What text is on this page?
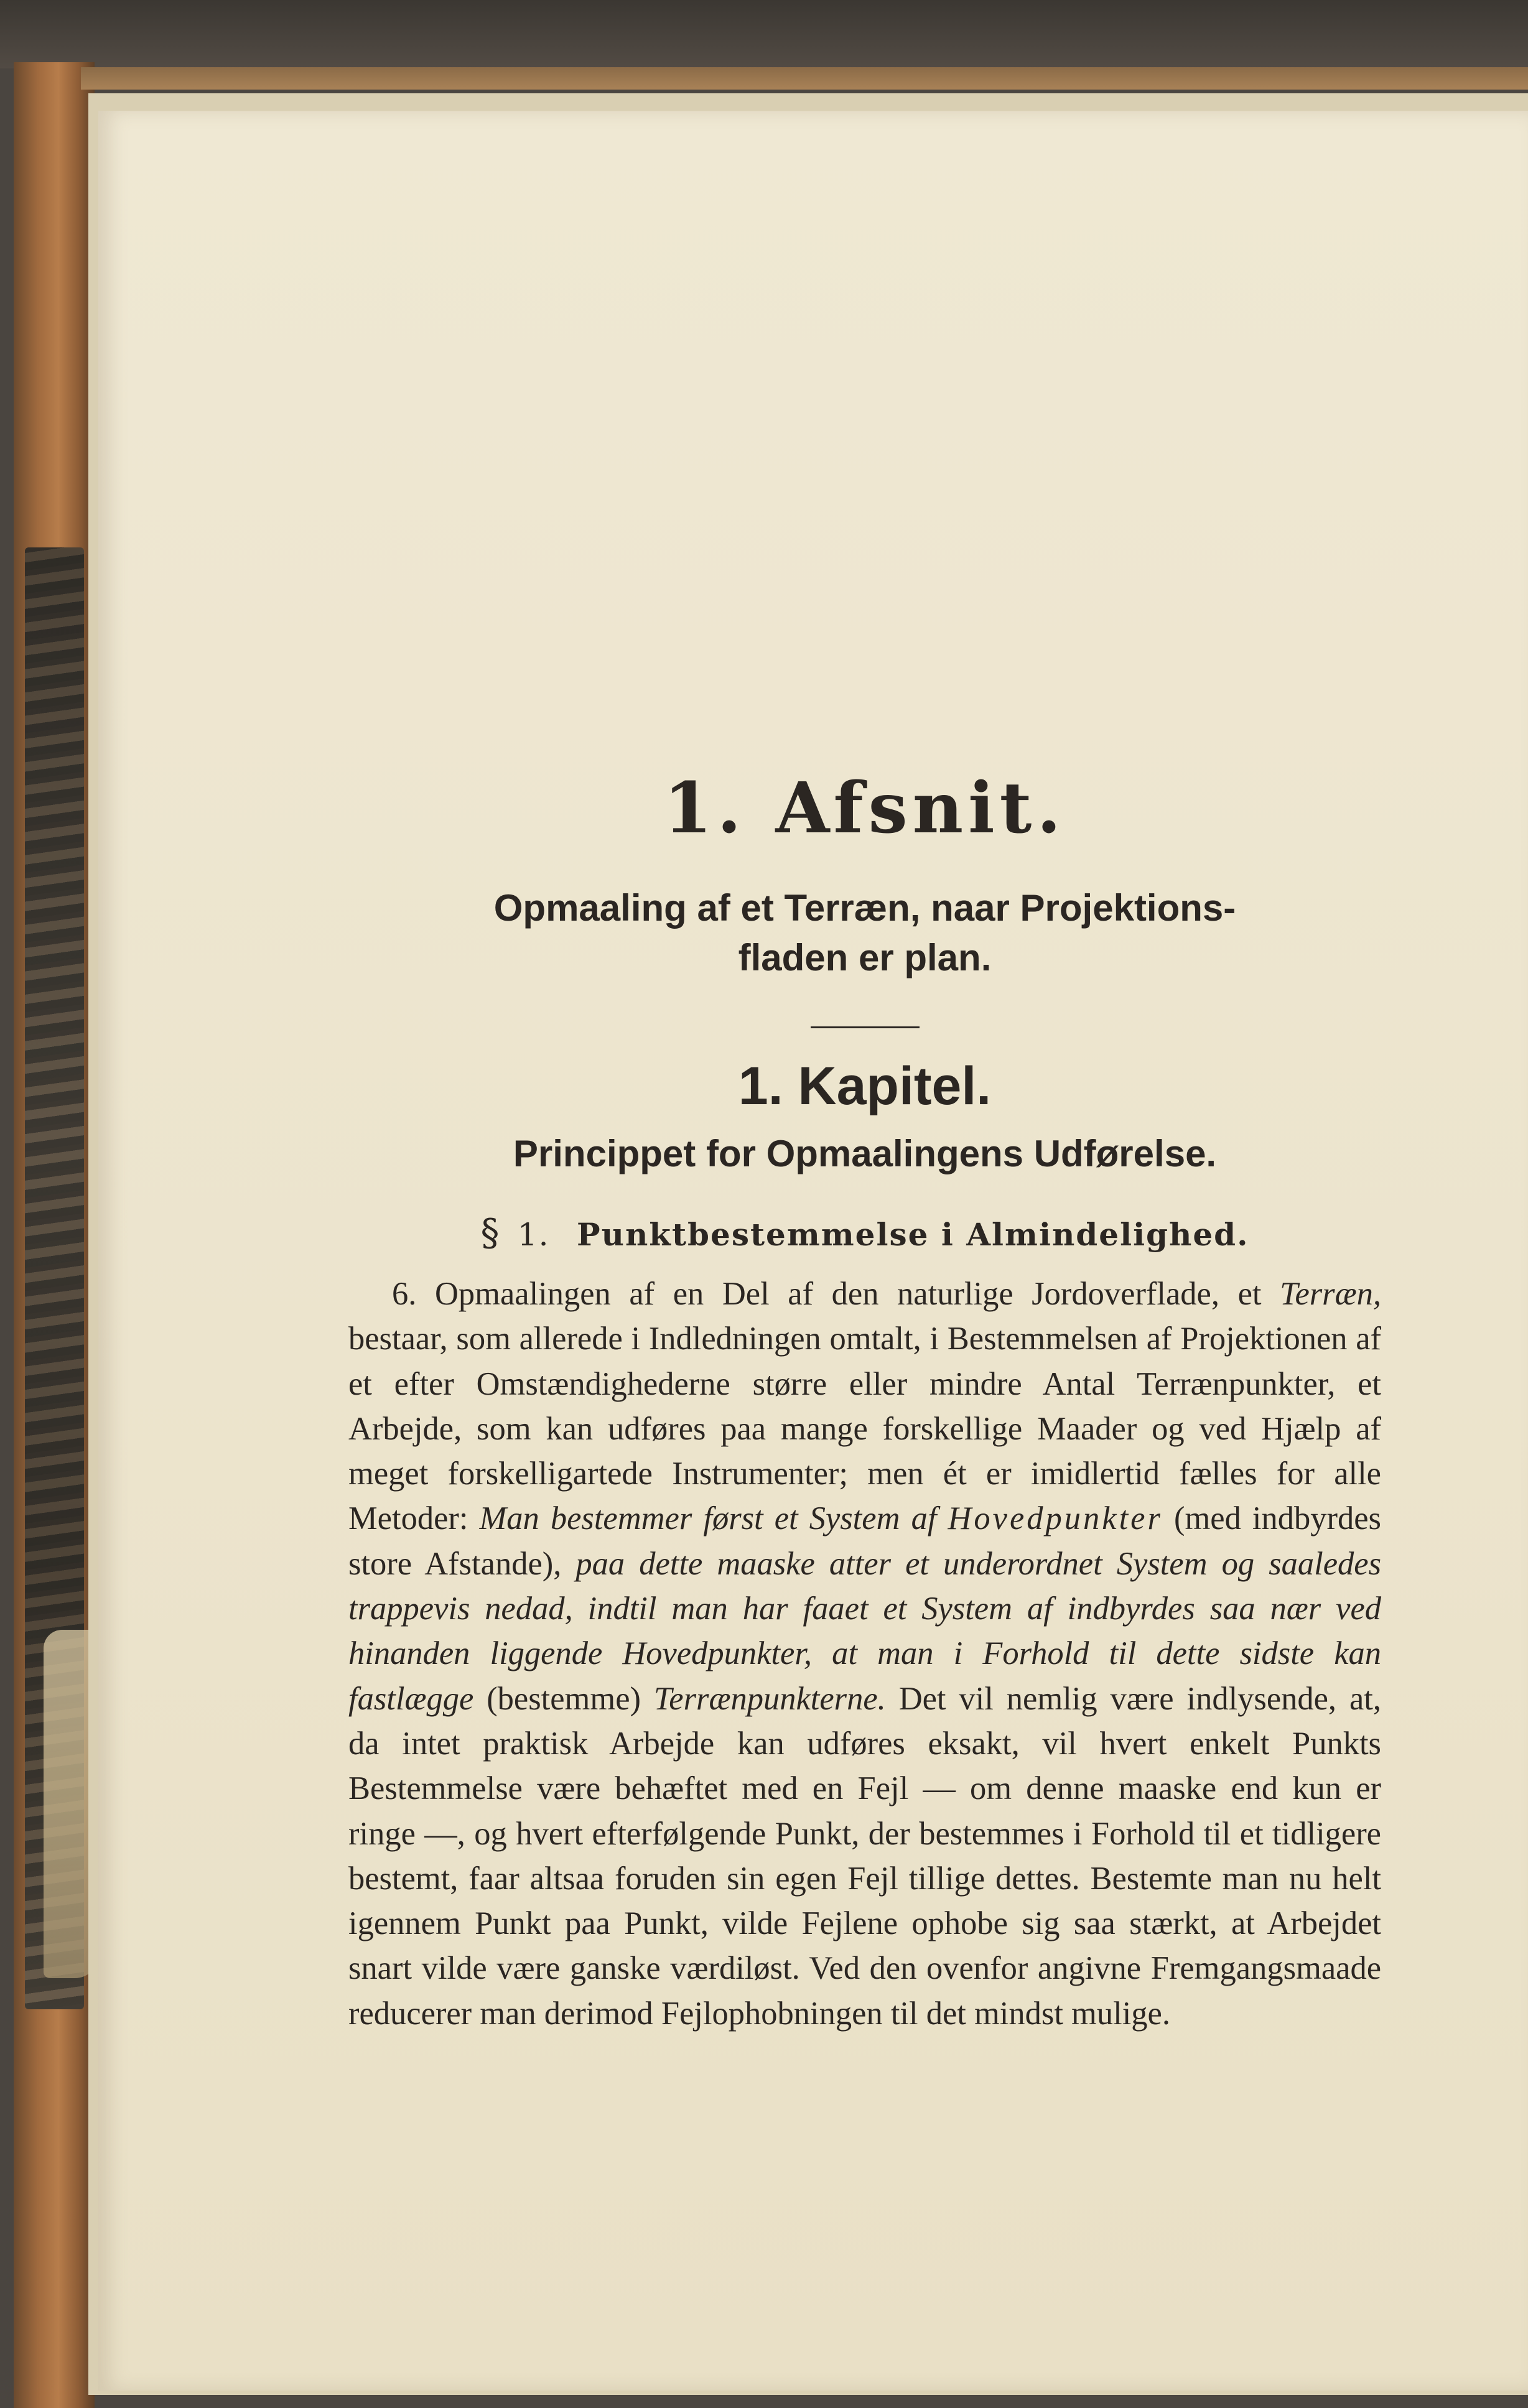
1. Afsnit.
Opmaaling af et Terræn, naar Projektions-
fladen er plan.
1. Kapitel.
Princippet for Opmaalingens Udførelse.
§ 1. Punktbestemmelse i Almindelighed.

6. Opmaalingen af en Del af den naturlige Jordoverflade, et Terræn, bestaar, som allerede i Indledningen omtalt, i Bestemmelsen af Projektionen af et efter Omstændighederne større eller mindre Antal Terrænpunkter, et Arbejde, som kan udføres paa mange forskellige Maader og ved Hjælp af meget forskelligartede Instrumenter; men ét er imidlertid fælles for alle Metoder: Man bestemmer først et System af Hovedpunkter (med indbyrdes store Afstande), paa dette maaske atter et underordnet System og saaledes trappevis nedad, indtil man har faaet et System af indbyrdes saa nær ved hinanden liggende Hovedpunkter, at man i Forhold til dette sidste kan fastlægge (bestemme) Terrænpunkterne. Det vil nemlig være indlysende, at, da intet praktisk Arbejde kan udføres eksakt, vil hvert enkelt Punkts Bestemmelse være behæftet med en Fejl — om denne maaske end kun er ringe —, og hvert efterfølgende Punkt, der bestemmes i Forhold til et tidligere bestemt, faar altsaa foruden sin egen Fejl tillige dettes. Bestemte man nu helt igennem Punkt paa Punkt, vilde Fejlene ophobe sig saa stærkt, at Arbejdet snart vilde være ganske værdiløst. Ved den ovenfor angivne Fremgangsmaade reducerer man derimod Fejlophobningen til det mindst mulige.
